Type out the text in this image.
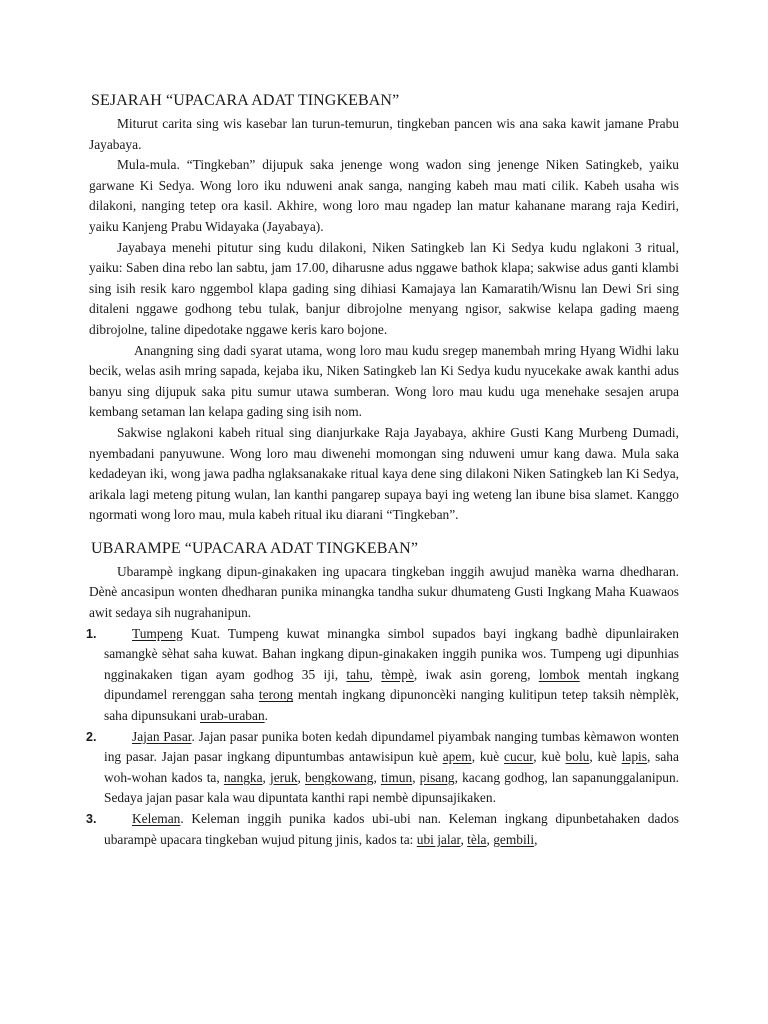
SEJARAH “UPACARA ADAT TINGKEBAN”

Miturut carita sing wis kasebar lan turun-temurun, tingkeban pancen wis ana saka kawit jamane Prabu Jayabaya.

Mula-mula. “Tingkeban” dijupuk saka jenenge wong wadon sing jenenge Niken Satingkeb, yaiku garwane Ki Sedya. Wong loro iku nduweni anak sanga, nanging kabeh mau mati cilik. Kabeh usaha wis dilakoni, nanging tetep ora kasil. Akhire, wong loro mau ngadep lan matur kahanane marang raja Kediri, yaiku Kanjeng Prabu Widayaka (Jayabaya).

Jayabaya menehi pitutur sing kudu dilakoni, Niken Satingkeb lan Ki Sedya kudu nglakoni 3 ritual, yaiku: Saben dina rebo lan sabtu, jam 17.00, diharusne adus nggawe bathok klapa; sakwise adus ganti klambi sing isih resik karo nggembol klapa gading sing dihiasi Kamajaya lan Kamaratih/Wisnu lan Dewi Sri sing ditaleni nggawe godhong tebu tulak, banjur dibrojolne menyang ngisor, sakwise kelapa gading maeng dibrojolne, taline dipedotake nggawe keris karo bojone.

Anangning sing dadi syarat utama, wong loro mau kudu sregep manembah mring Hyang Widhi laku becik, welas asih mring sapada, kejaba iku, Niken Satingkeb lan Ki Sedya kudu nyucekake awak kanthi adus banyu sing dijupuk saka pitu sumur utawa sumberan. Wong loro mau kudu uga menehake sesajen arupa kembang setaman lan kelapa gading sing isih nom.

Sakwise nglakoni kabeh ritual sing dianjurkake Raja Jayabaya, akhire Gusti Kang Murbeng Dumadi, nyembadani panyuwune. Wong loro mau diwenehi momongan sing nduweni umur kang dawa. Mula saka kedadeyan iki, wong jawa padha nglaksanakake ritual kaya dene sing dilakoni Niken Satingkeb lan Ki Sedya, arikala lagi meteng pitung wulan, lan kanthi pangarep supaya bayi ing weteng lan ibune bisa slamet. Kanggo ngormati wong loro mau, mula kabeh ritual iku diarani “Tingkeban”.

UBARAMPE “UPACARA ADAT TINGKEBAN”

Ubarampè ingkang dipun-ginakaken ing upacara tingkeban inggih awujud manèka warna dhedharan. Dènè ancasipun wonten dhedharan punika minangka tandha sukur dhumateng Gusti Ingkang Maha Kuawaos awit sedaya sih nugrahanipun.

1.	Tumpeng Kuat. Tumpeng kuwat minangka simbol supados bayi ingkang badhè dipunlairaken samangkè sèhat saha kuwat. Bahan ingkang dipun-ginakaken inggih punika wos. Tumpeng ugi dipunhias ngginakaken tigan ayam godhog 35 iji, tahu, tèmpè, iwak asin goreng, lombok mentah ingkang dipundamel rerenggan saha terong mentah ingkang dipunoncèki nanging kulitipun tetep taksih nèmplèk, saha dipunsukani urab-uraban.
2.	Jajan Pasar. Jajan pasar punika boten kedah dipundamel piyambak nanging tumbas kèmawon wonten ing pasar. Jajan pasar ingkang dipuntumbas antawisipun kuè apem, kuè cucur, kuè bolu, kuè lapis, saha woh-wohan kados ta, nangka, jeruk, bengkowang, timun, pisang, kacang godhog, lan sapanunggalanipun. Sedaya jajan pasar kala wau dipuntata kanthi rapi nembè dipunsajikaken.
3.	Keleman. Keleman inggih punika kados ubi-ubi nan. Keleman ingkang dipunbetahaken dados ubarampè upacara tingkeban wujud pitung jinis, kados ta: ubi jalar, tèla, gembili,
